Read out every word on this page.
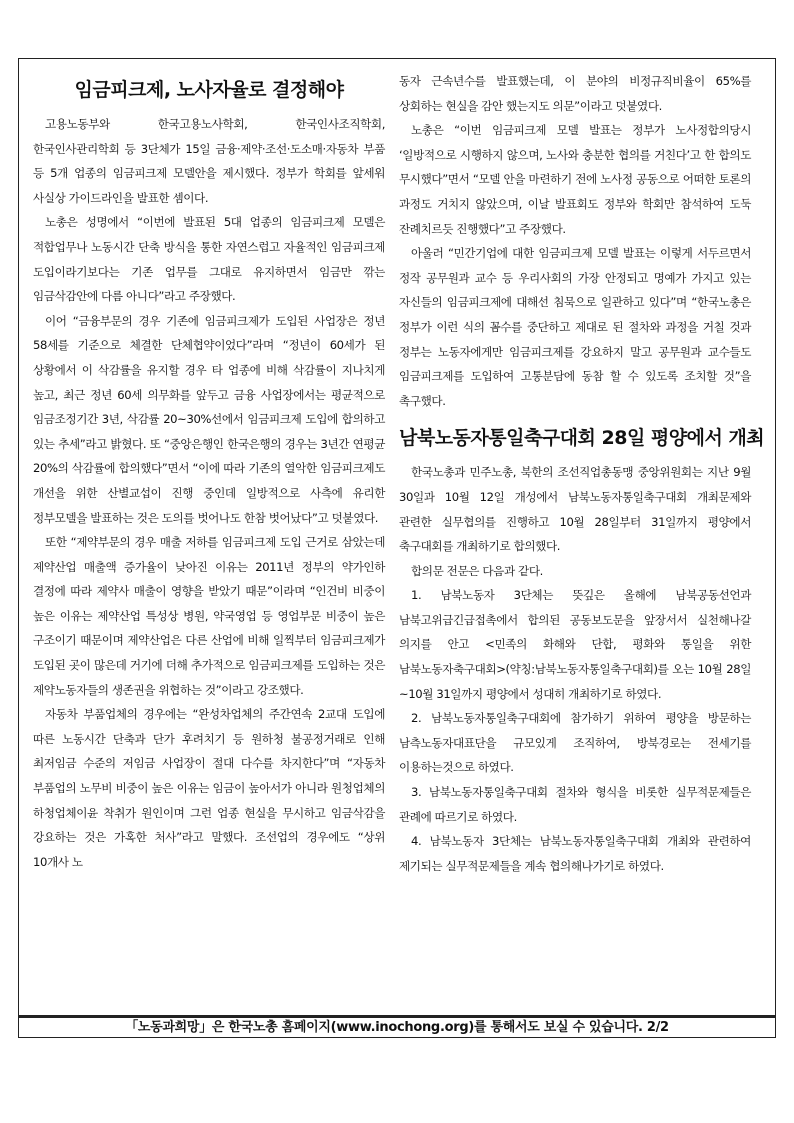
임금피크제, 노사자율로 결정해야

고용노동부와 한국고용노사학회, 한국인사조직학회, 한국인사관리학회 등 3단체가 15일 금융·제약·조선·도소매·자동차 부품 등 5개 업종의 임금피크제 모델안을 제시했다. 정부가 학회를 앞세워 사실상 가이드라인을 발표한 셈이다.

노총은 성명에서 “이번에 발표된 5대 업종의 임금피크제 모델은 적합업무나 노동시간 단축 방식을 통한 자연스럽고 자율적인 임금피크제 도입이라기보다는 기존 업무를 그대로 유지하면서 임금만 깎는 임금삭감안에 다름 아니다”라고 주장했다.

이어 “금융부문의 경우 기존에 임금피크제가 도입된 사업장은 정년 58세를 기준으로 체결한 단체협약이었다”라며 “정년이 60세가 된 상황에서 이 삭감률을 유지할 경우 타 업종에 비해 삭감률이 지나치게 높고, 최근 정년 60세 의무화를 앞두고 금융 사업장에서는 평균적으로 임금조정기간 3년, 삭감률 20~30%선에서 임금피크제 도입에 합의하고 있는 추세”라고 밝혔다. 또 “중앙은행인 한국은행의 경우는 3년간 연평균 20%의 삭감률에 합의했다”면서 “이에 따라 기존의 열악한 임금피크제도 개선을 위한 산별교섭이 진행 중인데 일방적으로 사측에 유리한 정부모델을 발표하는 것은 도의를 벗어나도 한참 벗어났다”고 덧붙였다.

또한 “제약부문의 경우 매출 저하를 임금피크제 도입 근거로 삼았는데 제약산업 매출액 증가율이 낮아진 이유는 2011년 정부의 약가인하 결정에 따라 제약사 매출이 영향을 받았기 때문”이라며 “인건비 비중이 높은 이유는 제약산업 특성상 병원, 약국영업 등 영업부문 비중이 높은 구조이기 때문이며 제약산업은 다른 산업에 비해 일찍부터 임금피크제가 도입된 곳이 많은데 거기에 더해 추가적으로 임금피크제를 도입하는 것은 제약노동자들의 생존권을 위협하는 것”이라고 강조했다.

자동차 부품업체의 경우에는 “완성차업체의 주간연속 2교대 도입에 따른 노동시간 단축과 단가 후려치기 등 원하청 불공정거래로 인해 최저임금 수준의 저임금 사업장이 절대 다수를 차지한다”며 “자동차 부품업의 노무비 비중이 높은 이유는 임금이 높아서가 아니라 원청업체의 하청업체이윤 착취가 원인이며 그런 업종 현실을 무시하고 임금삭감을 강요하는 것은 가혹한 처사”라고 말했다. 조선업의 경우에도 “상위 10개사 노

동자 근속년수를 발표했는데, 이 분야의 비정규직비율이 65%를 상회하는 현실을 감안 했는지도 의문”이라고 덧붙였다.

노총은 “이번 임금피크제 모델 발표는 정부가 노사정합의당시 ‘일방적으로 시행하지 않으며, 노사와 충분한 협의를 거친다’고 한 합의도 무시했다”면서 “모델 안을 마련하기 전에 노사정 공동으로 어떠한 토론의 과정도 거치지 않았으며, 이날 발표회도 정부와 학회만 참석하여 도둑 잔례치르듯 진행했다”고 주장했다.

아울러 “민간기업에 대한 임금피크제 모델 발표는 이렇게 서두르면서 정작 공무원과 교수 등 우리사회의 가장 안정되고 명예가 가지고 있는 자신들의 임금피크제에 대해선 침묵으로 일관하고 있다”며 “한국노총은 정부가 이런 식의 꼼수를 중단하고 제대로 된 절차와 과정을 거칠 것과 정부는 노동자에게만 임금피크제를 강요하지 말고 공무원과 교수들도 임금피크제를 도입하여 고통분담에 동참 할 수 있도록 조치할 것”을 촉구했다.

남북노동자통일축구대회 28일 평양에서 개최

한국노총과 민주노총, 북한의 조선직업총동맹 중앙위원회는 지난 9월 30일과 10월 12일 개성에서 남북노동자통일축구대회 개최문제와 관련한 실무협의를 진행하고 10월 28일부터 31일까지 평양에서 축구대회를 개최하기로 합의했다.

합의문 전문은 다음과 같다.

1. 남북노동자 3단체는 뜻깊은 올해에 남북공동선언과 남북고위급긴급접촉에서 합의된 공동보도문을 앞장서서 실천해나갈 의지를 안고 <민족의 화해와 단합, 평화와 통일을 위한 남북노동자축구대회>(약칭:남북노동자통일축구대회)를 오는 10월 28일~10월 31일까지 평양에서 성대히 개최하기로 하였다.

2. 남북노동자통일축구대회에 참가하기 위하여 평양을 방문하는 남측노동자대표단을 규모있게 조직하여, 방북경로는 전세기를 이용하는것으로 하였다.

3. 남북노동자통일축구대회 절차와 형식을 비롯한 실무적문제들은 관례에 따르기로 하였다.

4. 남북노동자 3단체는 남북노동자통일축구대회 개최와 관련하여 제기되는 실무적문제들을 계속 협의해나가기로 하였다.

「노동과희망」은 한국노총 홈페이지(www.inochong.org)를 통해서도 보실 수 있습니다. 2/2
